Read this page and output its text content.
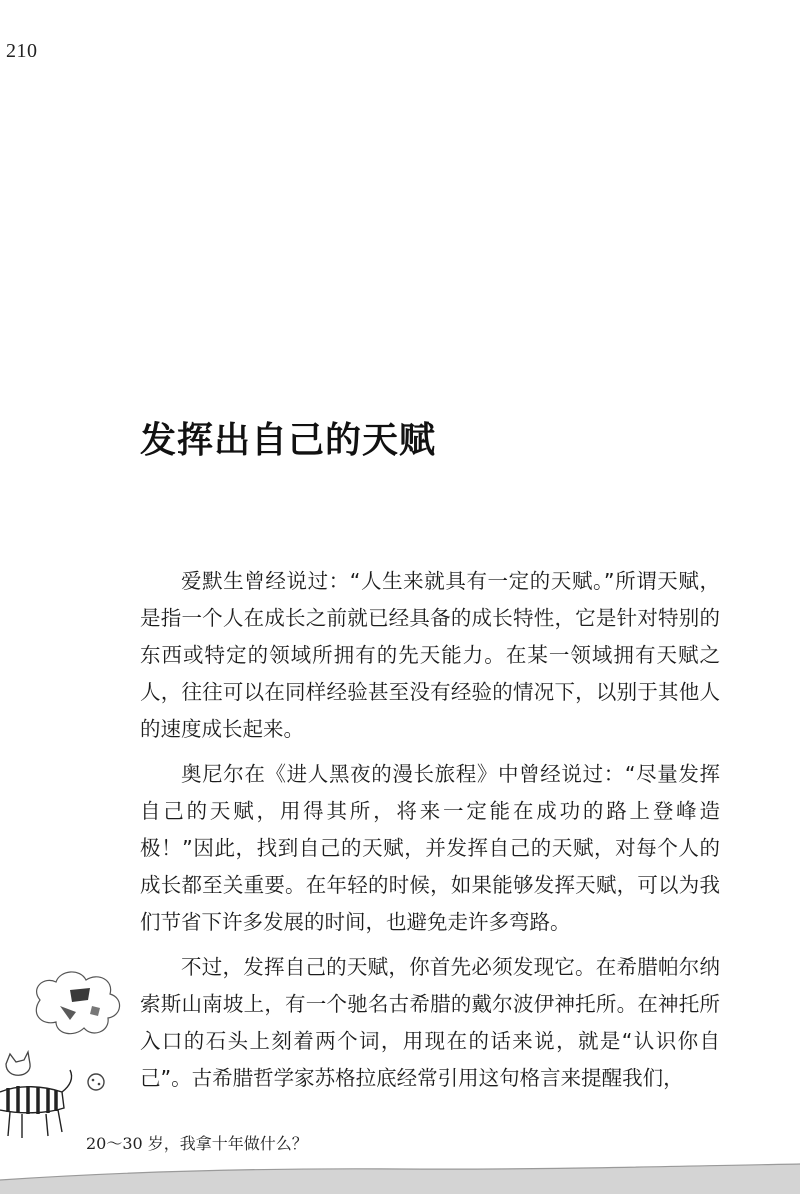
210
发挥出自己的天赋

爱默生曾经说过：“人生来就具有一定的天赋。”所谓天赋，是指一个人在成长之前就已经具备的成长特性，它是针对特别的东西或特定的领域所拥有的先天能力。在某一领域拥有天赋之人，往往可以在同样经验甚至没有经验的情况下，以别于其他人的速度成长起来。

奥尼尔在《进人黑夜的漫长旅程》中曾经说过：“尽量发挥自己的天赋，用得其所，将来一定能在成功的路上登峰造极！”因此，找到自己的天赋，并发挥自己的天赋，对每个人的成长都至关重要。在年轻的时候，如果能够发挥天赋，可以为我们节省下许多发展的时间，也避免走许多弯路。

不过，发挥自己的天赋，你首先必须发现它。在希腊帕尔纳索斯山南坡上，有一个驰名古希腊的戴尔波伊神托所。在神托所入口的石头上刻着两个词，用现在的话来说，就是“认识你自己”。古希腊哲学家苏格拉底经常引用这句格言来提醒我们，

20～30 岁，我拿十年做什么？
